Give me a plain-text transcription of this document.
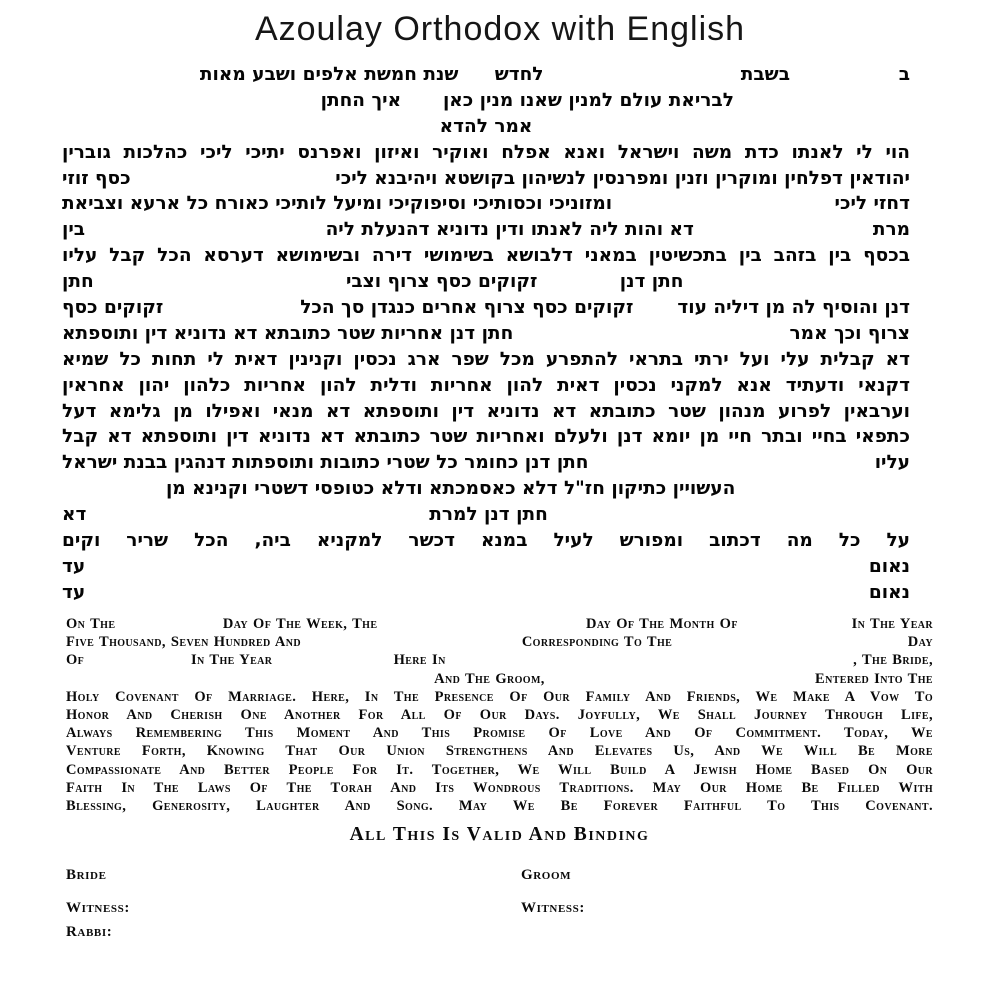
Azoulay Orthodox with English
ב
בשבת
לחדש
שנת חמשת אלפים ושבע מאות
לבריאת עולם למנין שאנו מנין כאן
איך החתן
אמר להדא
הוי לי לאנתו כדת משה וישראל ואנא אפלח ואוקיר ואיזון ואפרנס יתיכי ליכי כהלכות גוברין
יהודאין דפלחין ומוקרין וזנין ומפרנסין לנשיהון בקושטא ויהיבנא ליכי
כסף זוזי
דחזי ליכי
ומזוניכי וכסותיכי וסיפוקיכי ומיעל לותיכי כאורח כל ארעא וצביאת
מרת
דא והות ליה לאנתו ודין נדוניא דהנעלת ליה
בין
בכסף בין בזהב בין בתכשיטין במאני דלבושא בשימושי דירה ובשימושא דערסא הכל קבל עליו
חתן דנן
זקוקים כסף צרוף וצבי
חתן
דנן והוסיף לה מן דיליה עוד
זקוקים כסף צרוף אחרים כנגדן סך הכל
זקוקים כסף
צרוף וכך אמר
חתן דנן אחריות שטר כתובתא דא נדוניא דין ותוספתא
דא קבלית עלי ועל ירתי בתראי להתפרע מכל שפר ארג נכסין וקנינין דאית לי תחות כל שמיא
דקנאי ודעתיד אנא למקני נכסין דאית להון אחריות ודלית להון אחריות כלהון יהון אחראין
וערבאין לפרוע מנהון שטר כתובתא דא נדוניא דין ותוספתא דא מנאי ואפילו מן גלימא דעל
כתפאי בחיי ובתר חיי מן יומא דנן ולעלם ואחריות שטר כתובתא דא נדוניא דין ותוספתא דא קבל
עליו
חתן דנן כחומר כל שטרי כתובות ותוספתות דנהגין בבנת ישראל
העשויין כתיקון חז"ל דלא כאסמכתא ודלא כטופסי דשטרי וקנינא מן
חתן דנן למרת
דא
על כל מה דכתוב ומפורש לעיל במנא דכשר למקניא ביה, הכל שריר וקים
נאום
עד
נאום
עד
On The	Day Of The Week, The	Day Of The Month Of	In The Year
Five Thousand, Seven Hundred And	Corresponding To The	Day
Of	In The Year	Here In	, The Bride,
And The Groom,	Entered Into The
Holy Covenant Of Marriage. Here, In The Presence Of Our Family And Friends, We Make A Vow To
Honor And Cherish One Another For All Of Our Days. Joyfully, We Shall Journey Through Life,
Always Remembering This Moment And This Promise Of Love And Of Commitment. Today, We
Venture Forth, Knowing That Our Union Strengthens And Elevates Us, And We Will Be More
Compassionate And Better People For It. Together, We Will Build A Jewish Home Based On Our
Faith In The Laws Of The Torah And Its Wondrous Traditions. May Our Home Be Filled With
Blessing, Generosity, Laughter And Song. May We Be Forever Faithful To This Covenant.
All This Is Valid And Binding
Bride	Groom
Witness:	Witness:
Rabbi:
